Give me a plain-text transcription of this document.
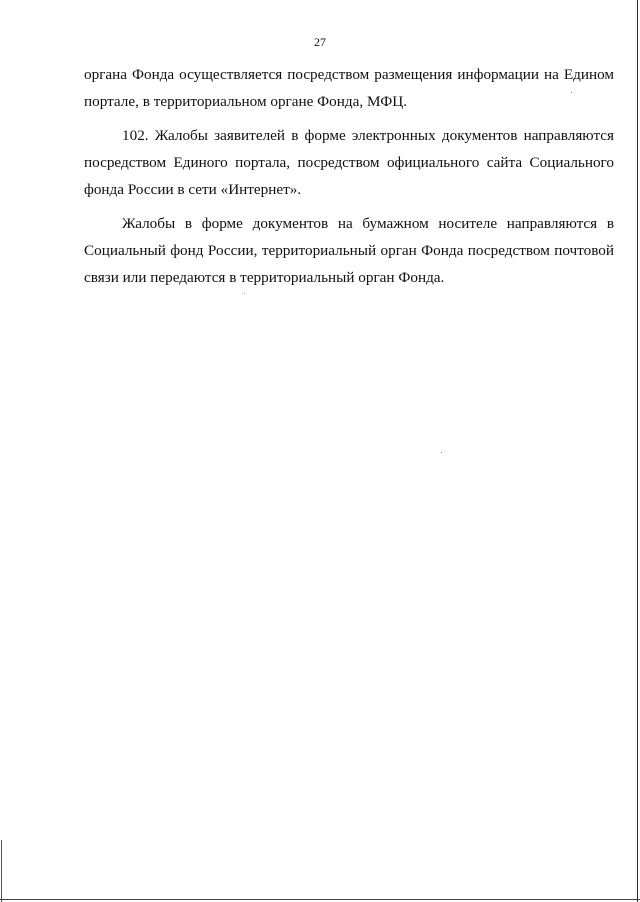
27

органа Фонда осуществляется посредством размещения информации на Едином
портале, в территориальном органе Фонда, МФЦ.

102. Жалобы заявителей в форме электронных документов направляются
посредством Единого портала, посредством официального сайта Социального
фонда России в сети «Интернет».

Жалобы в форме документов на бумажном носителе направляются в
Социальный фонд России, территориальный орган Фонда посредством почтовой
связи или передаются в территориальный орган Фонда.
